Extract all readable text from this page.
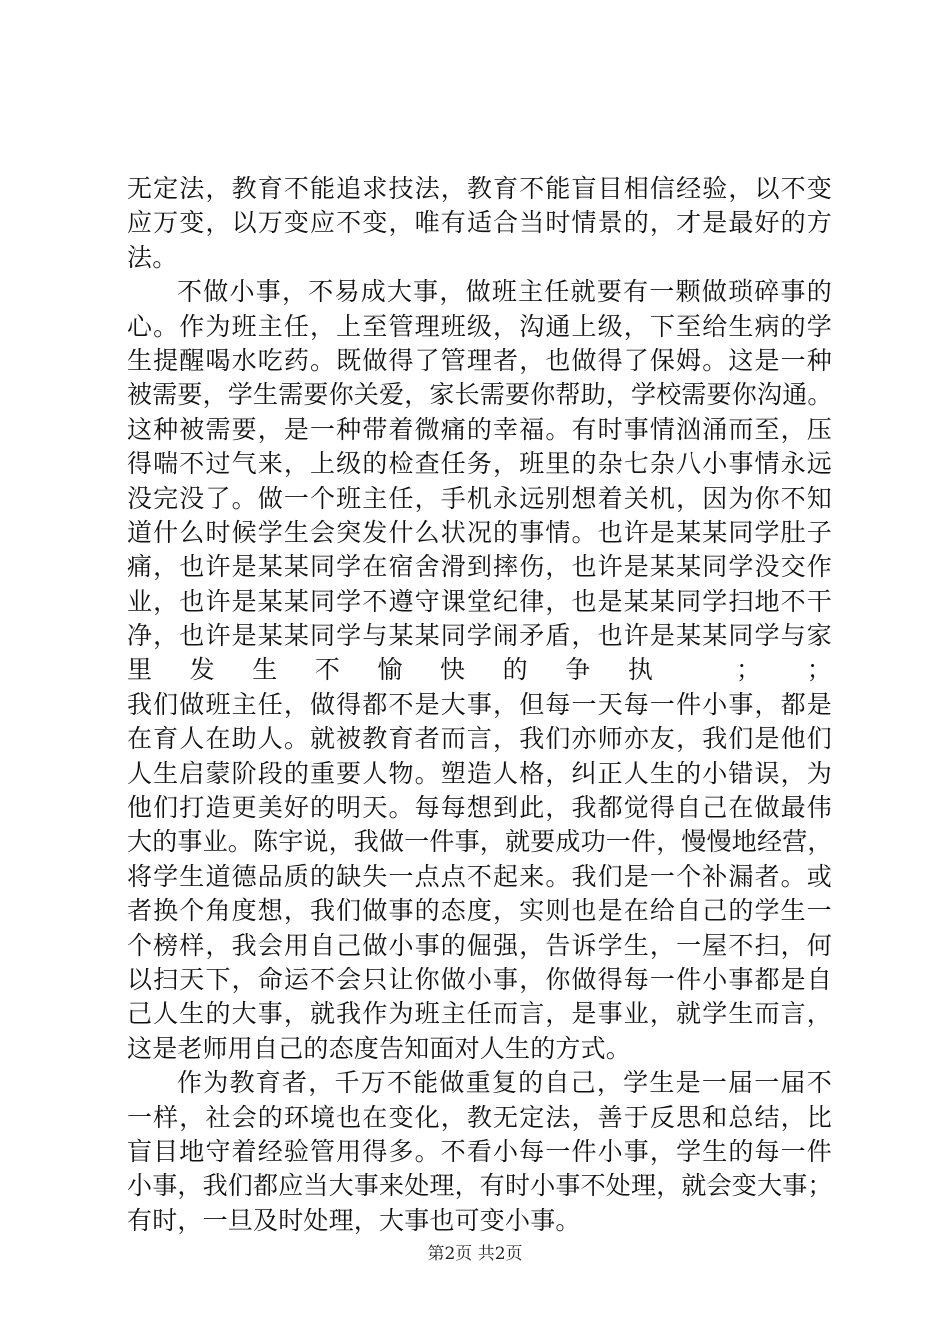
无定法，教育不能追求技法，教育不能盲目相信经验，以不变
应万变，以万变应不变，唯有适合当时情景的，才是最好的方
法。
不做小事，不易成大事，做班主任就要有一颗做琐碎事的
心。作为班主任，上至管理班级，沟通上级，下至给生病的学
生提醒喝水吃药。既做得了管理者，也做得了保姆。这是一种
被需要，学生需要你关爱，家长需要你帮助，学校需要你沟通。
这种被需要，是一种带着微痛的幸福。有时事情汹涌而至，压
得喘不过气来，上级的检查任务，班里的杂七杂八小事情永远
没完没了。做一个班主任，手机永远别想着关机，因为你不知
道什么时候学生会突发什么状况的事情。也许是某某同学肚子
痛，也许是某某同学在宿舍滑到摔伤，也许是某某同学没交作
业，也许是某某同学不遵守课堂纪律，也是某某同学扫地不干
净，也许是某某同学与某某同学闹矛盾，也许是某某同学与家
里发生不愉快的争执 ； ；
我们做班主任，做得都不是大事，但每一天每一件小事，都是
在育人在助人。就被教育者而言，我们亦师亦友，我们是他们
人生启蒙阶段的重要人物。塑造人格，纠正人生的小错误，为
他们打造更美好的明天。每每想到此，我都觉得自己在做最伟
大的事业。陈宇说，我做一件事，就要成功一件，慢慢地经营，
将学生道德品质的缺失一点点不起来。我们是一个补漏者。或
者换个角度想，我们做事的态度，实则也是在给自己的学生一
个榜样，我会用自己做小事的倔强，告诉学生，一屋不扫，何
以扫天下，命运不会只让你做小事，你做得每一件小事都是自
己人生的大事，就我作为班主任而言，是事业，就学生而言，
这是老师用自己的态度告知面对人生的方式。
作为教育者，千万不能做重复的自己，学生是一届一届不
一样，社会的环境也在变化，教无定法，善于反思和总结，比
盲目地守着经验管用得多。不看小每一件小事，学生的每一件
小事，我们都应当大事来处理，有时小事不处理，就会变大事；
有时，一旦及时处理，大事也可变小事。
第2页 共2页
